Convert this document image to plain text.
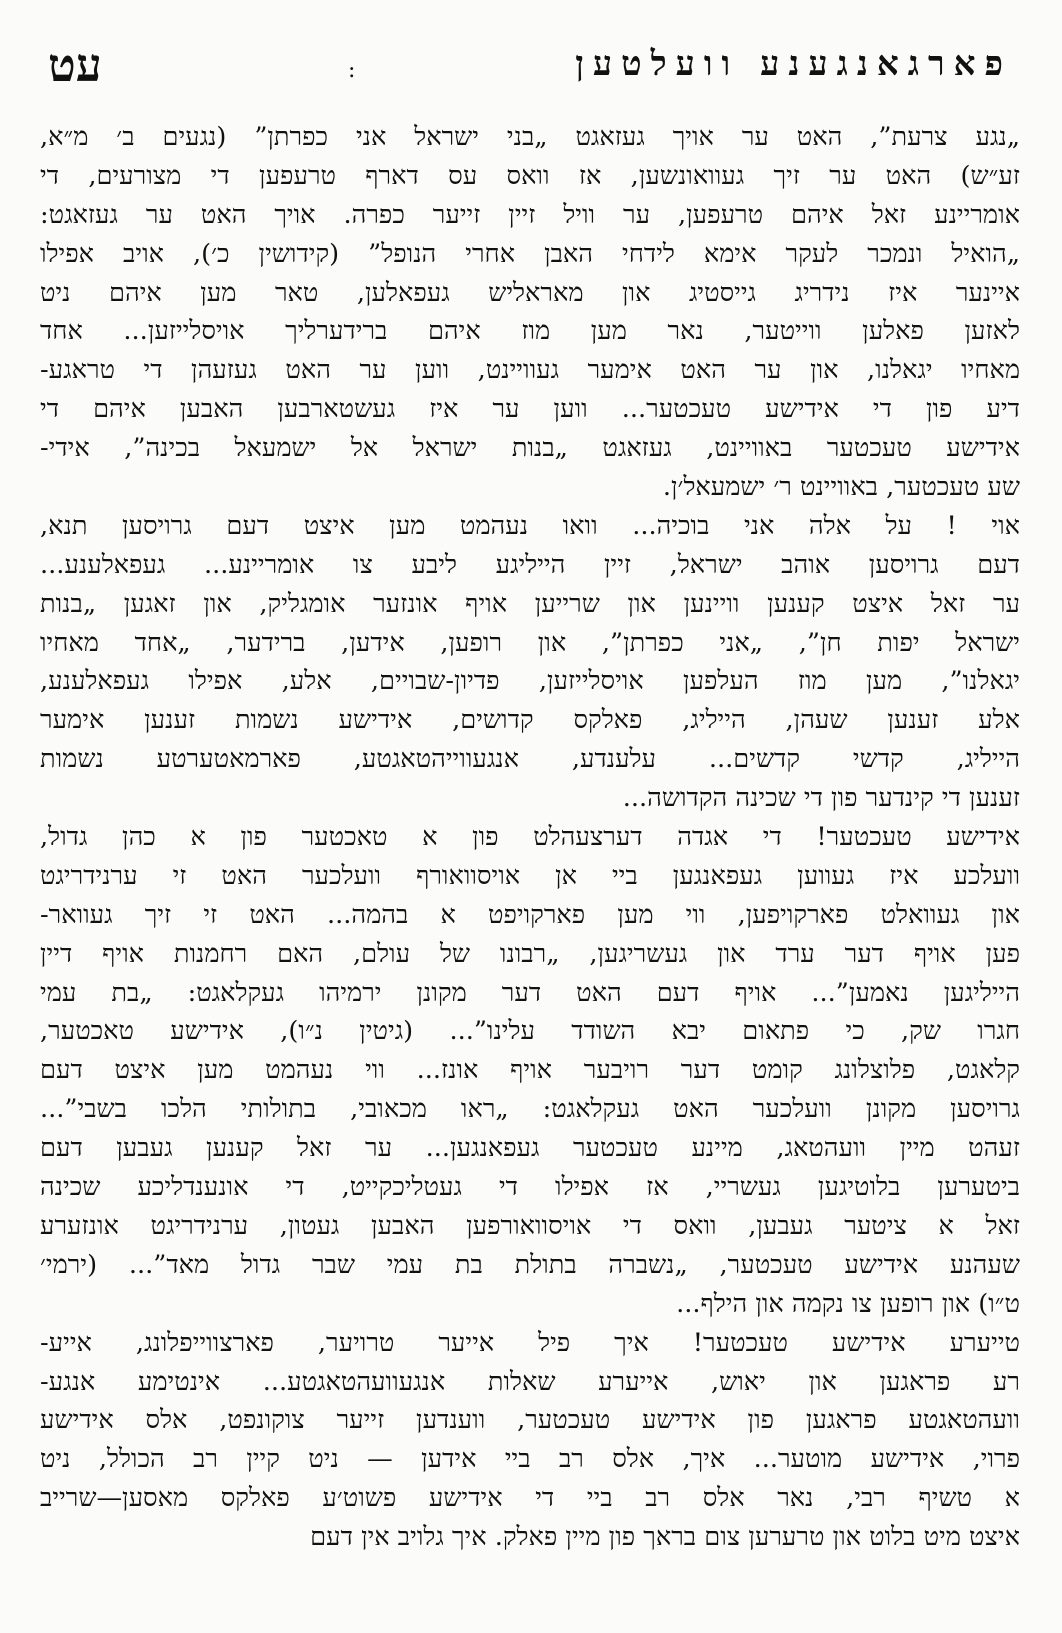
פארגאנגענע וועלטען
:
עט
„נגע צרעת”, האט ער אויך געזאגט „בני ישראל אני כפרתן” (נגעים ב׳ מ״א,
זע״ש) האט ער זיך געוואונשען, אז וואס עס דארף טרעפען די מצורעים, די
אומריינע זאל איהם טרעפען, ער וויל זיין זייער כפרה. אויך האט ער געזאגט:
„הואיל ונמכר לעקר אימא לידחי האבן אחרי הנופל” (קידושין כ׳), אויב אפילו
איינער איז נידריג גייסטיג און מאראליש געפאלען, טאר מען איהם ניט
לאזען פאלען ווייטער, נאר מען מוז איהם ברידערליך אויסלייזען... אחד
מאחיו יגאלנו, און ער האט אימער געוויינט, ווען ער האט געזעהן די טראגע-
דיע פון די אידישע טעכטער... ווען ער איז געשטארבען האבען איהם די
אידישע טעכטער באוויינט, געזאגט „בנות ישראל אל ישמעאל בכינה”, אידי-
שע טעכטער, באוויינט ר׳ ישמעאל׳ן.
אוי ! על אלה אני בוכיה... וואו נעהמט מען איצט דעם גרויסען תנא,
דעם גרויסען אוהב ישראל, זיין הייליגע ליבע צו אומריינע... געפאלענע...
ער זאל איצט קענען וויינען און שרייען אויף אונזער אומגליק, און זאגען „בנות
ישראל יפות חן”, „אני כפרתן”, און רופען, אידען, ברידער, „אחד מאחיו
יגאלנו”, מען מוז העלפען אויסלייזען, פדיון-שבויים, אלע, אפילו געפאלענע,
אלע זענען שעהן, הייליג, פאלקס קדושים, אידישע נשמות זענען אימער
הייליג, קדשי קדשים... עלענדע, אנגעווייהטאגטע, פארמאטערטע נשמות
זענען די קינדער פון די שכינה הקדושה...
אידישע טעכטער! די אגדה דערצעהלט פון א טאכטער פון א כהן גדול,
וועלכע איז געווען געפאנגען ביי אן אויסוואורף וועלכער האט זי ערנידריגט
און געוואלט פארקויפען, ווי מען פארקויפט א בהמה... האט זי זיך געוואר-
פען אויף דער ערד און געשריגען, „רבונו של עולם, האם רחמנות אויף דיין
הייליגען נאמען”... אויף דעם האט דער מקונן ירמיהו געקלאגט: „בת עמי
חגרו שק, כי פתאום יבא השודד עלינו”... (גיטין נ״ו), אידישע טאכטער,
קלאגט, פלוצלונג קומט דער רויבער אויף אונז... ווי נעהמט מען איצט דעם
גרויסען מקונן וועלכער האט געקלאגט: „ראו מכאובי, בתולותי הלכו בשבי”...
זעהט מיין וועהטאג, מיינע טעכטער געפאנגען... ער זאל קענען געבען דעם
ביטערען בלוטיגען געשריי, אז אפילו די געטליכקייט, די אונענדליכע שכינה
זאל א ציטער געבען, וואס די אויסוואורפען האבען געטון, ערנידריגט אונזערע
שעהנע אידישע טעכטער, „נשברה בתולת בת עמי שבר גדול מאד”... (ירמי׳
ט״ו) און רופען צו נקמה און הילף...
טייערע אידישע טעכטער! איך פיל אייער טרויער, פארצווייפלונג, אייע-
רע פראגען און יאוש, אייערע שאלות אנגעוועהטאגטע... אינטימע אנגע-
וועהטאגטע פראגען פון אידישע טעכטער, ווענדען זייער צוקונפט, אלס אידישע
פרוי, אידישע מוטער... איך, אלס רב ביי אידען — ניט קיין רב הכולל, ניט
א טשיף רבי, נאר אלס רב ביי די אידישע פשוט׳ע פאלקס מאסען—שרייב
איצט מיט בלוט און טרערען צום בראך פון מיין פאלק. איך גלויב אין דעם
